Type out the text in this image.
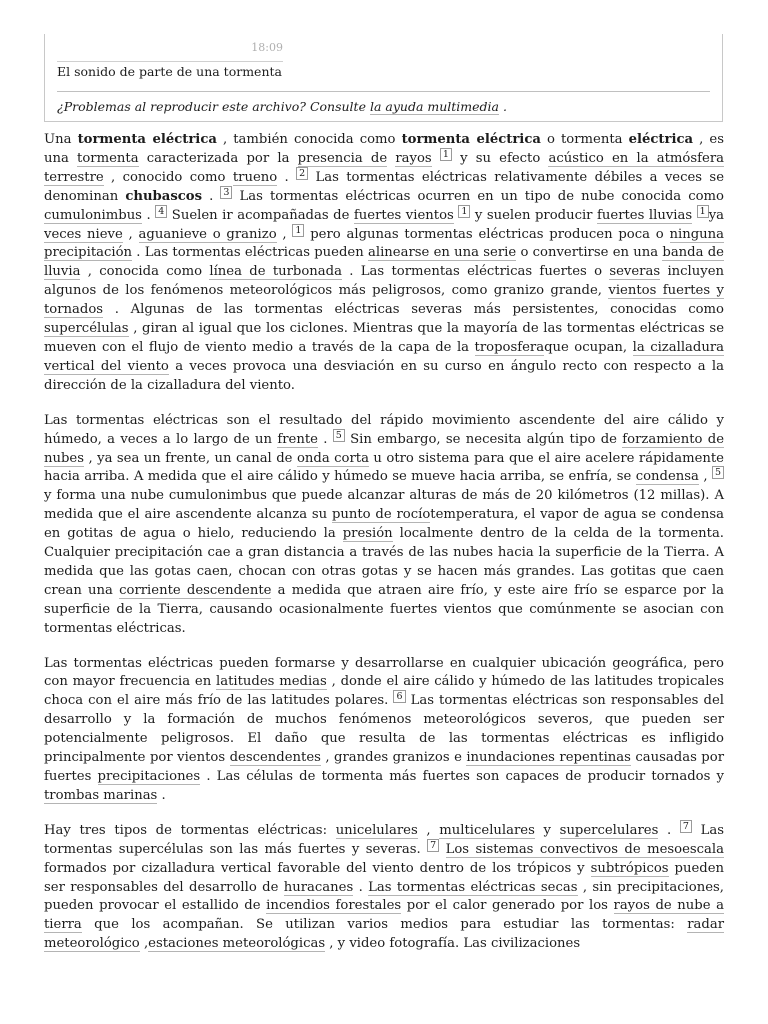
18:09
El sonido de parte de una tormenta
¿Problemas al reproducir este archivo? Consulte la ayuda multimedia .

Una tormenta eléctrica , también conocida como tormenta eléctrica o tormenta eléctrica , es una tormenta caracterizada por la presencia de rayos $^1$ y su efecto acústico en la atmósfera terrestre , conocido como trueno . $^2$ Las tormentas eléctricas relativamente débiles a veces se denominan chubascos . $^3$ Las tormentas eléctricas ocurren en un tipo de nube conocida como cumulonimbus . $^4$ Suelen ir acompañadas de fuertes vientos $^1$ y suelen producir fuertes lluvias $^1$ ya veces nieve , aguanieve o granizo , $^1$ pero algunas tormentas eléctricas producen poca o ninguna precipitación . Las tormentas eléctricas pueden alinearse en una serie o convertirse en una banda de lluvia , conocida como línea de turbonada . Las tormentas eléctricas fuertes o severas incluyen algunos de los fenómenos meteorológicos más peligrosos, como granizo grande, vientos fuertes y tornados . Algunas de las tormentas eléctricas severas más persistentes, conocidas como supercélulas , giran al igual que los ciclones. Mientras que la mayoría de las tormentas eléctricas se mueven con el flujo de viento medio a través de la capa de la troposferaque ocupan, la cizalladura vertical del viento a veces provoca una desviación en su curso en ángulo recto con respecto a la dirección de la cizalladura del viento.

Las tormentas eléctricas son el resultado del rápido movimiento ascendente del aire cálido y húmedo, a veces a lo largo de un frente . $^5$ Sin embargo, se necesita algún tipo de forzamiento de nubes , ya sea un frente, un canal de onda corta u otro sistema para que el aire acelere rápidamente hacia arriba. A medida que el aire cálido y húmedo se mueve hacia arriba, se enfría, se condensa , $^5$ y forma una nube cumulonimbus que puede alcanzar alturas de más de 20 kilómetros (12 millas). A medida que el aire ascendente alcanza su punto de rocíotemperatura, el vapor de agua se condensa en gotitas de agua o hielo, reduciendo la presión localmente dentro de la celda de la tormenta. Cualquier precipitación cae a gran distancia a través de las nubes hacia la superficie de la Tierra. A medida que las gotas caen, chocan con otras gotas y se hacen más grandes. Las gotitas que caen crean una corriente descendente a medida que atraen aire frío, y este aire frío se esparce por la superficie de la Tierra, causando ocasionalmente fuertes vientos que comúnmente se asocian con tormentas eléctricas.

Las tormentas eléctricas pueden formarse y desarrollarse en cualquier ubicación geográfica, pero con mayor frecuencia en latitudes medias , donde el aire cálido y húmedo de las latitudes tropicales choca con el aire más frío de las latitudes polares. $^6$ Las tormentas eléctricas son responsables del desarrollo y la formación de muchos fenómenos meteorológicos severos, que pueden ser potencialmente peligrosos. El daño que resulta de las tormentas eléctricas es infligido principalmente por vientos descendentes , grandes granizos e inundaciones repentinas causadas por fuertes precipitaciones . Las células de tormenta más fuertes son capaces de producir tornados y trombas marinas .

Hay tres tipos de tormentas eléctricas: unicelulares , multicelulares y supercelulares . $^7$ Las tormentas supercélulas son las más fuertes y severas. $^7$ Los sistemas convectivos de mesoescala formados por cizalladura vertical favorable del viento dentro de los trópicos y subtrópicos pueden ser responsables del desarrollo de huracanes . Las tormentas eléctricas secas , sin precipitaciones, pueden provocar el estallido de incendios forestales por el calor generado por los rayos de nube a tierra que los acompañan. Se utilizan varios medios para estudiar las tormentas: radar meteorológico ,estaciones meteorológicas , y video fotografía. Las civilizaciones
